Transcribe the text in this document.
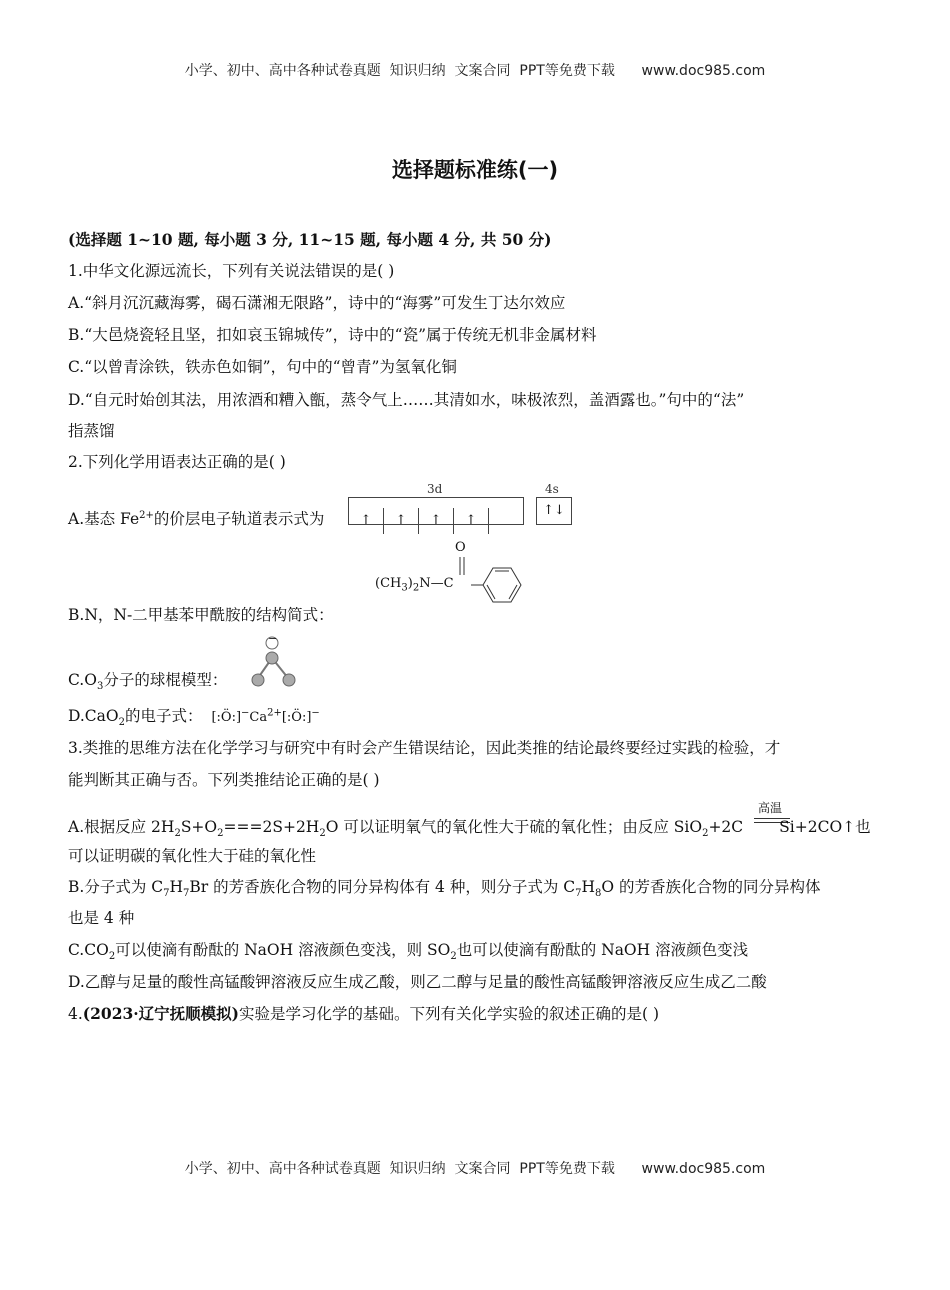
小学、初中、高中各种试卷真题  知识归纳  文案合同  PPT等免费下载      www.doc985.com
选择题标准练(一)
(选择题 1~10 题, 每小题 3 分, 11~15 题, 每小题 4 分, 共 50 分)
1.中华文化源远流长，下列有关说法错误的是( )
A.“斜月沉沉藏海雾，碣石潇湘无限路”，诗中的“海雾”可发生丁达尔效应
B.“大邑烧瓷轻且坚，扣如哀玉锦城传”，诗中的“瓷”属于传统无机非金属材料
C.“以曾青涂铁，铁赤色如铜”，句中的“曾青”为氢氧化铜
D.“自元时始创其法，用浓酒和糟入甑，蒸令气上……其清如水，味极浓烈，盖酒露也。”句中的“法”
指蒸馏
2.下列化学用语表达正确的是( )
A.基态 $Fe^{2+}$的价层电子轨道表示式为
3d	4s
↑ ↑ ↑ ↑
↑↓
B.N，N-二甲基苯甲酰胺的结构简式：
O
$(CH_3)_2N—C$
$C.O_3$分子的球棍模型：
−
D.CaO$_2$的电子式： $[:Ö:]^-Ca^{2+}[:Ö:]^-$
3.类推的思维方法在化学学习与研究中有时会产生错误结论，因此类推的结论最终要经过实践的检验，才
能判断其正确与否。下列类推结论正确的是( )
高温
A.根据反应 $2H_2S+O_2===2S+2H_2O$ 可以证明氧气的氧化性大于硫的氧化性；由反应 SiO$_2$+2C Si+2CO↑也
可以证明碳的氧化性大于硅的氧化性
B.分子式为 $C_7H_7Br$ 的芳香族化合物的同分异构体有 4 种，则分子式为 $C_7H_8O$ 的芳香族化合物的同分异构体
也是 4 种
$C.CO_2$可以使滴有酚酞的 NaOH 溶液颜色变浅，则 $SO_2$也可以使滴有酚酞的 NaOH 溶液颜色变浅
D.乙醇与足量的酸性高锰酸钾溶液反应生成乙酸，则乙二醇与足量的酸性高锰酸钾溶液反应生成乙二酸
4.(2023·辽宁抚顺模拟)实验是学习化学的基础。下列有关化学实验的叙述正确的是( )
小学、初中、高中各种试卷真题  知识归纳  文案合同  PPT等免费下载      www.doc985.com
